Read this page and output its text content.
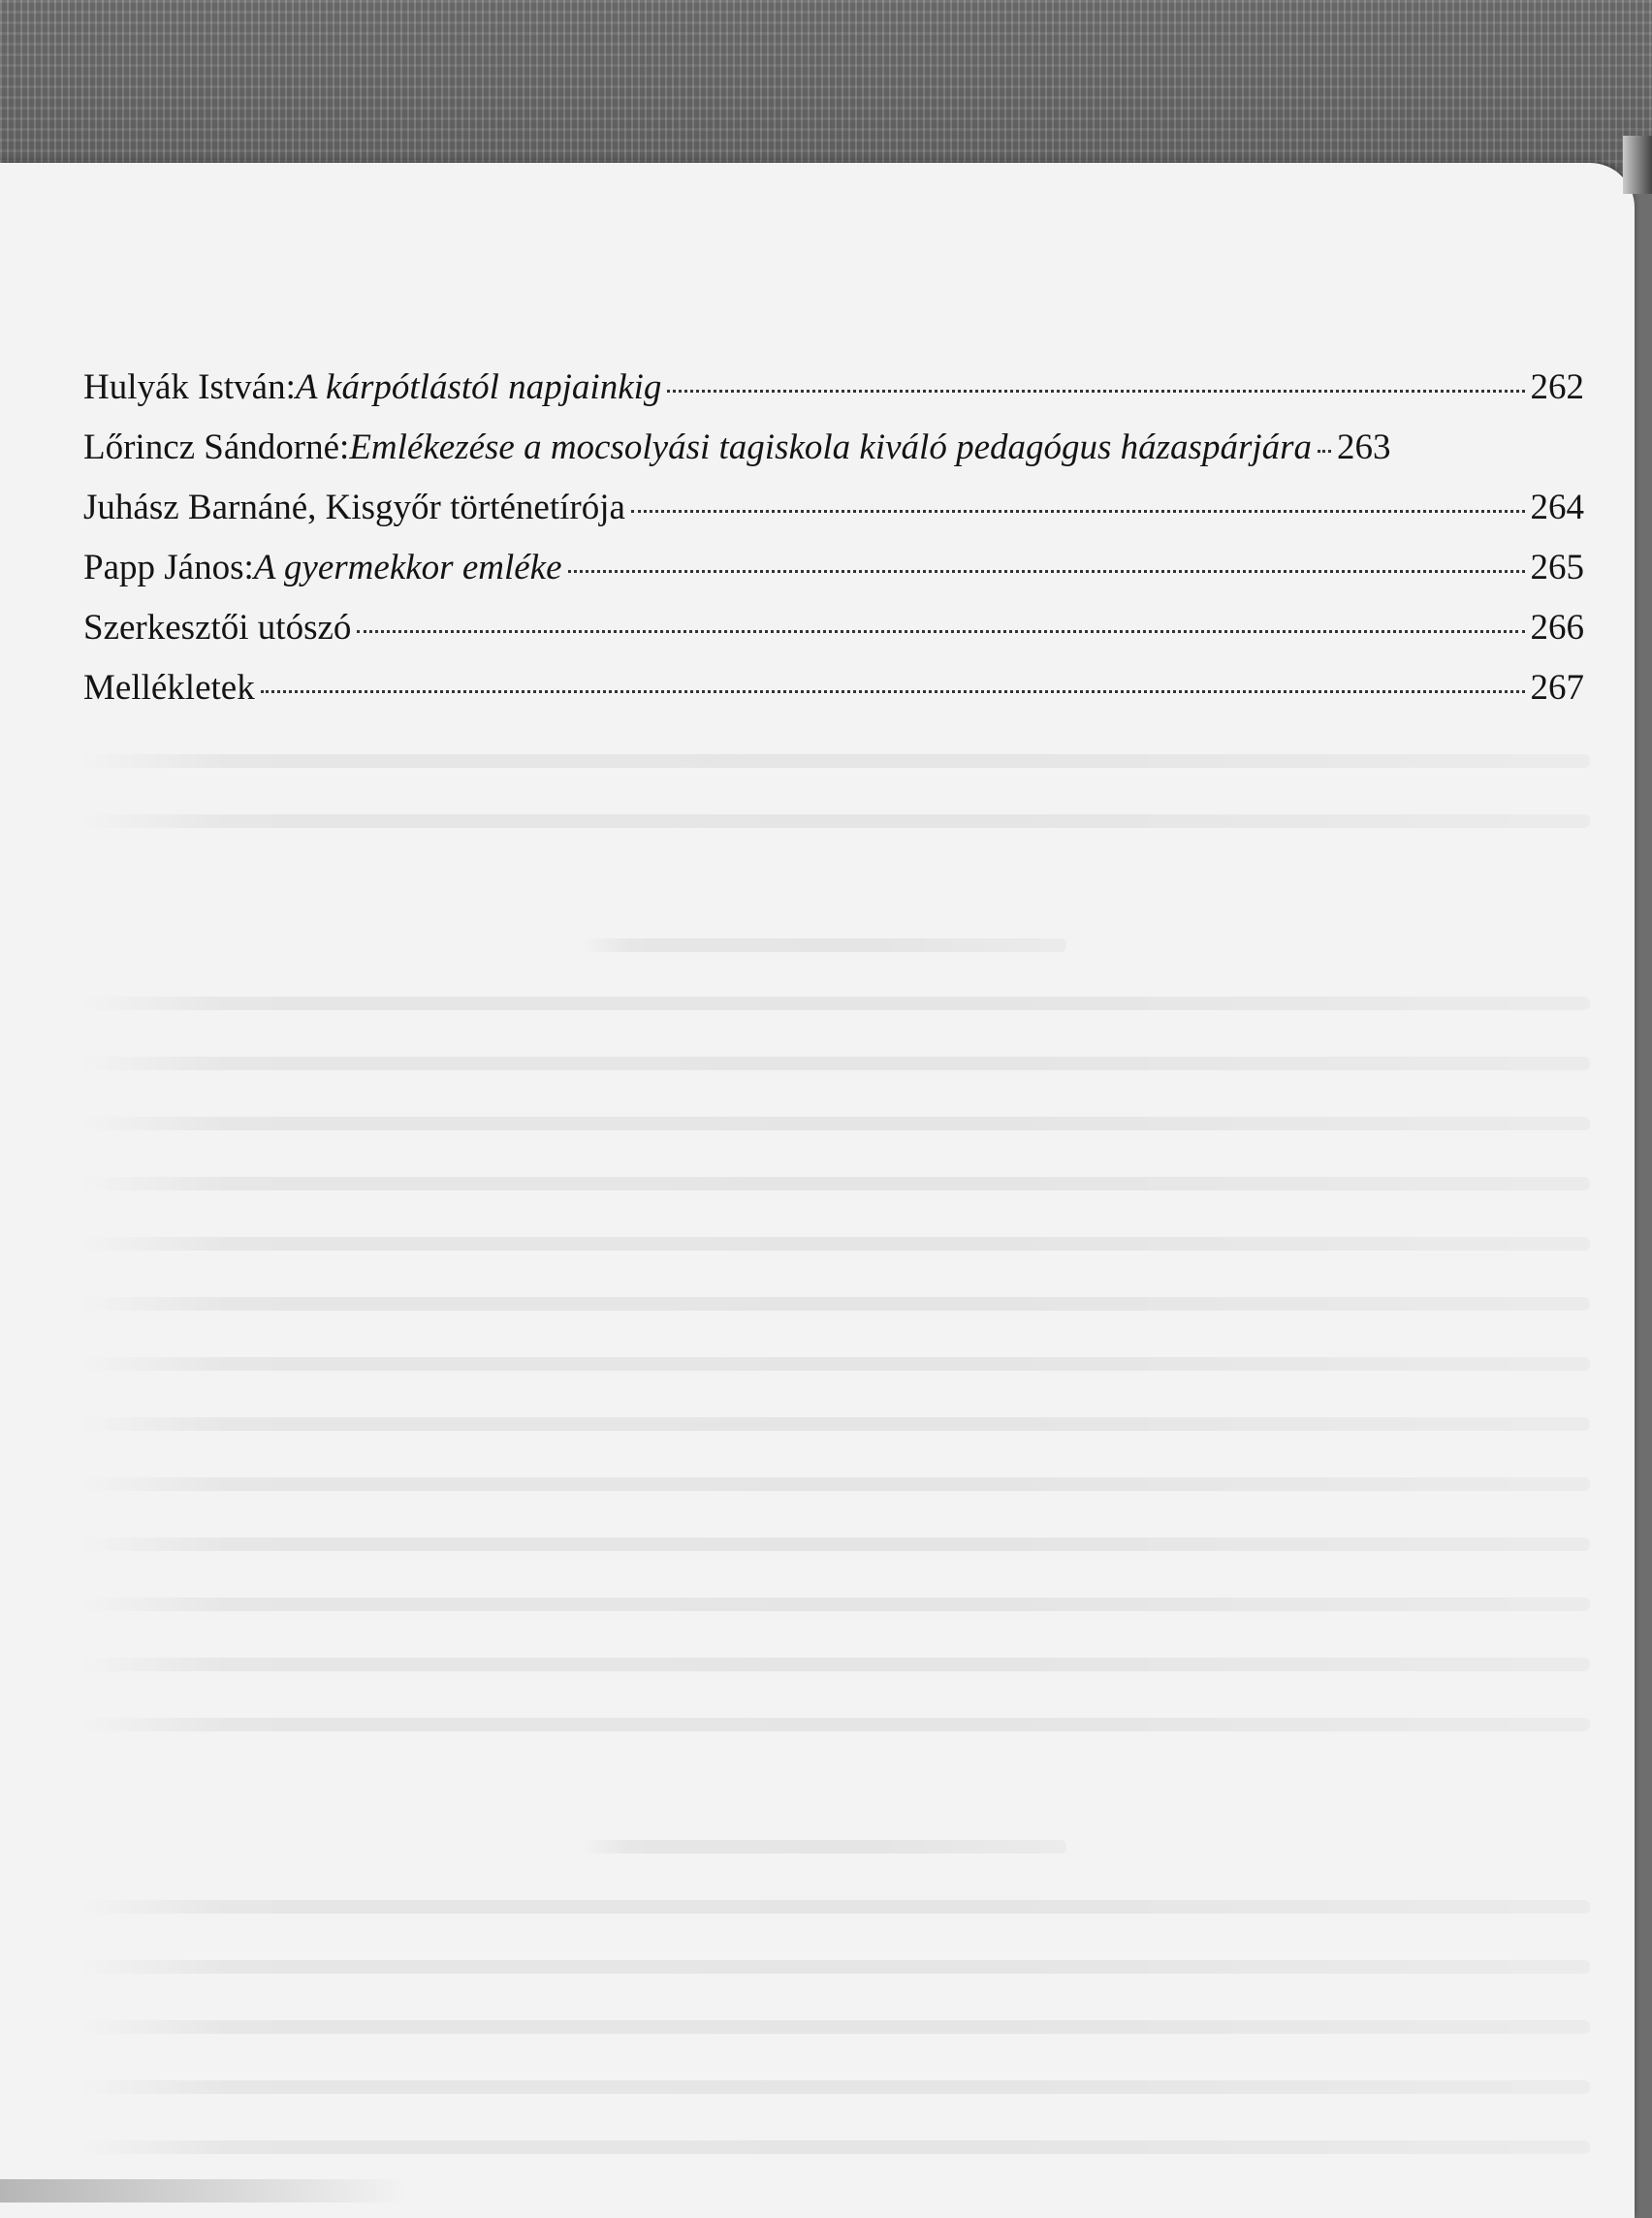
Hulyák István: A kárpótlástól napjainkig	262
Lőrincz Sándorné: Emlékezése a mocsolyási tagiskola kiváló pedagógus házaspárjára 263
Juhász Barnáné, Kisgyőr történetírója	264
Papp János: A gyermekkor emléke	265
Szerkesztői utószó	266
Mellékletek	267
